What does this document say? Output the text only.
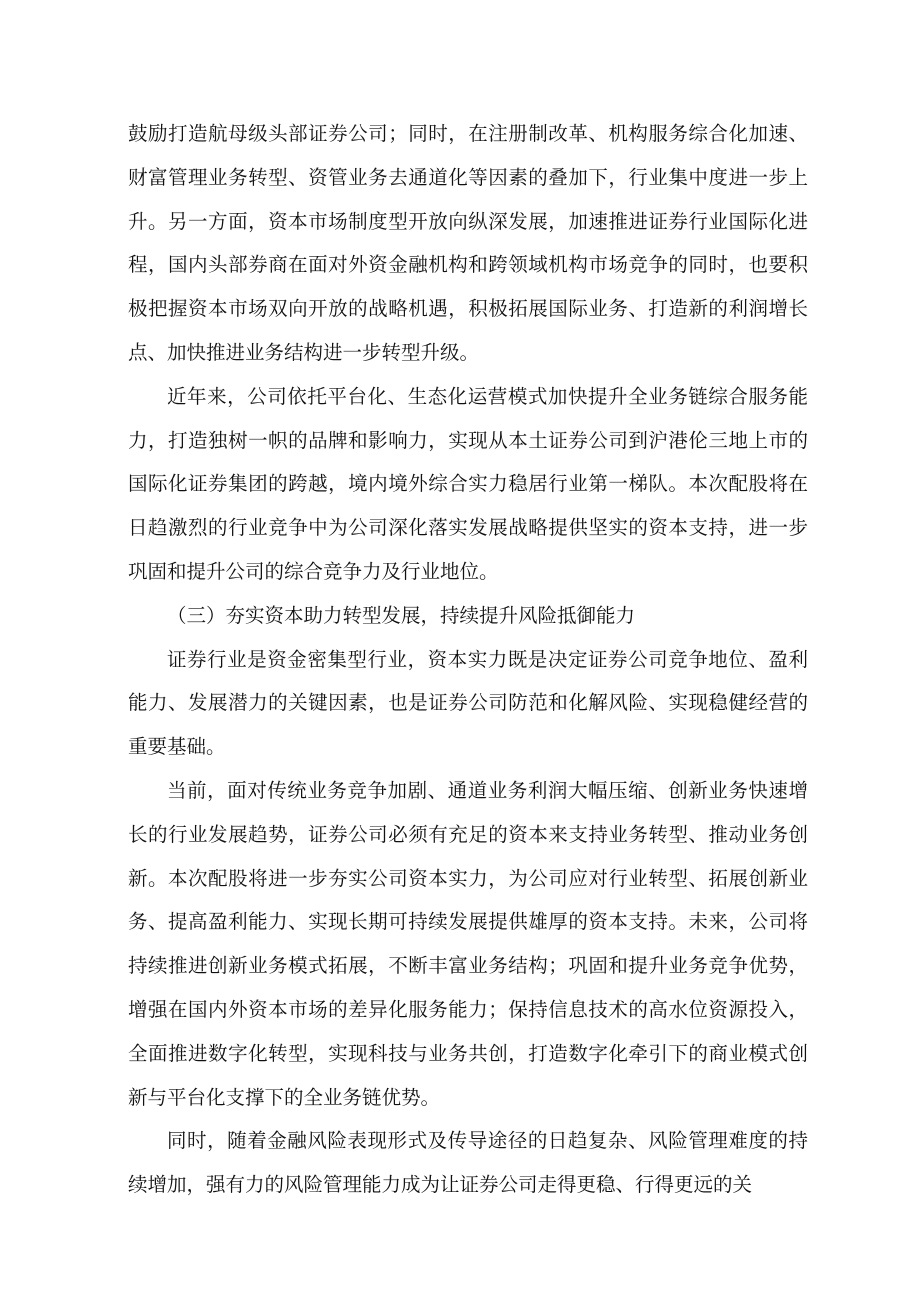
鼓励打造航母级头部证券公司；同时，在注册制改革、机构服务综合化加速、财富管理业务转型、资管业务去通道化等因素的叠加下，行业集中度进一步上升。另一方面，资本市场制度型开放向纵深发展，加速推进证券行业国际化进程，国内头部券商在面对外资金融机构和跨领域机构市场竞争的同时，也要积极把握资本市场双向开放的战略机遇，积极拓展国际业务、打造新的利润增长点、加快推进业务结构进一步转型升级。

近年来，公司依托平台化、生态化运营模式加快提升全业务链综合服务能力，打造独树一帜的品牌和影响力，实现从本土证券公司到沪港伦三地上市的国际化证券集团的跨越，境内境外综合实力稳居行业第一梯队。本次配股将在日趋激烈的行业竞争中为公司深化落实发展战略提供坚实的资本支持，进一步巩固和提升公司的综合竞争力及行业地位。

（三）夯实资本助力转型发展，持续提升风险抵御能力

证券行业是资金密集型行业，资本实力既是决定证券公司竞争地位、盈利能力、发展潜力的关键因素，也是证券公司防范和化解风险、实现稳健经营的重要基础。

当前，面对传统业务竞争加剧、通道业务利润大幅压缩、创新业务快速增长的行业发展趋势，证券公司必须有充足的资本来支持业务转型、推动业务创新。本次配股将进一步夯实公司资本实力，为公司应对行业转型、拓展创新业务、提高盈利能力、实现长期可持续发展提供雄厚的资本支持。未来，公司将持续推进创新业务模式拓展，不断丰富业务结构；巩固和提升业务竞争优势，增强在国内外资本市场的差异化服务能力；保持信息技术的高水位资源投入，全面推进数字化转型，实现科技与业务共创，打造数字化牵引下的商业模式创新与平台化支撑下的全业务链优势。

同时，随着金融风险表现形式及传导途径的日趋复杂、风险管理难度的持续增加，强有力的风险管理能力成为让证券公司走得更稳、行得更远的关
